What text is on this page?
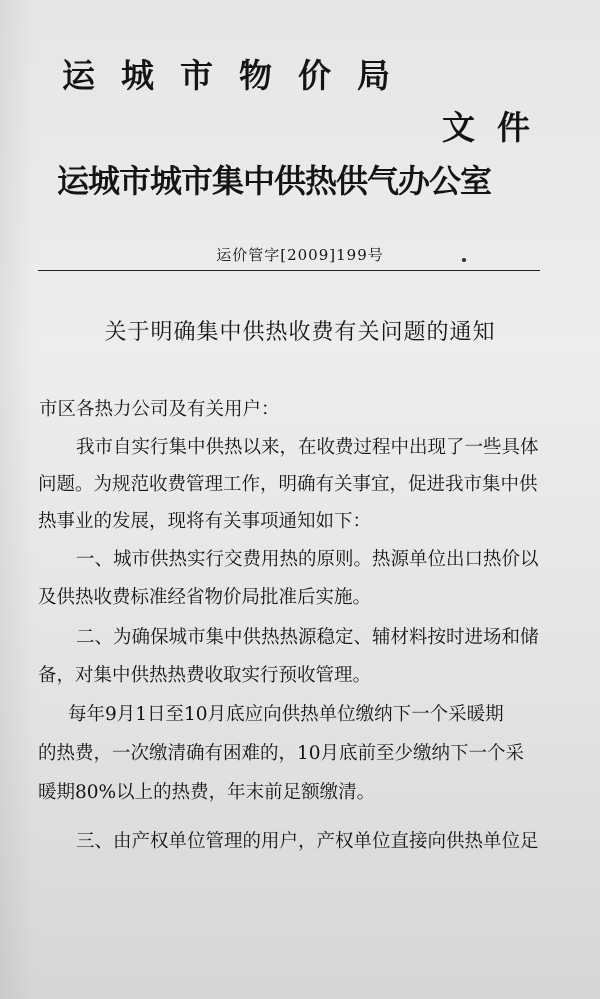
运城市物价局
文件
运城市城市集中供热供气办公室
运价管字[2009]199号
关于明确集中供热收费有关问题的通知
市区各热力公司及有关用户：
我市自实行集中供热以来，在收费过程中出现了一些具体
问题。为规范收费管理工作，明确有关事宜，促进我市集中供
热事业的发展，现将有关事项通知如下：
一、城市供热实行交费用热的原则。热源单位出口热价以
及供热收费标准经省物价局批准后实施。
二、为确保城市集中供热热源稳定、辅材料按时进场和储
备，对集中供热热费收取实行预收管理。
每年9月1日至10月底应向供热单位缴纳下一个采暖期
的热费，一次缴清确有困难的，10月底前至少缴纳下一个采
暖期80%以上的热费，年末前足额缴清。
三、由产权单位管理的用户，产权单位直接向供热单位足
